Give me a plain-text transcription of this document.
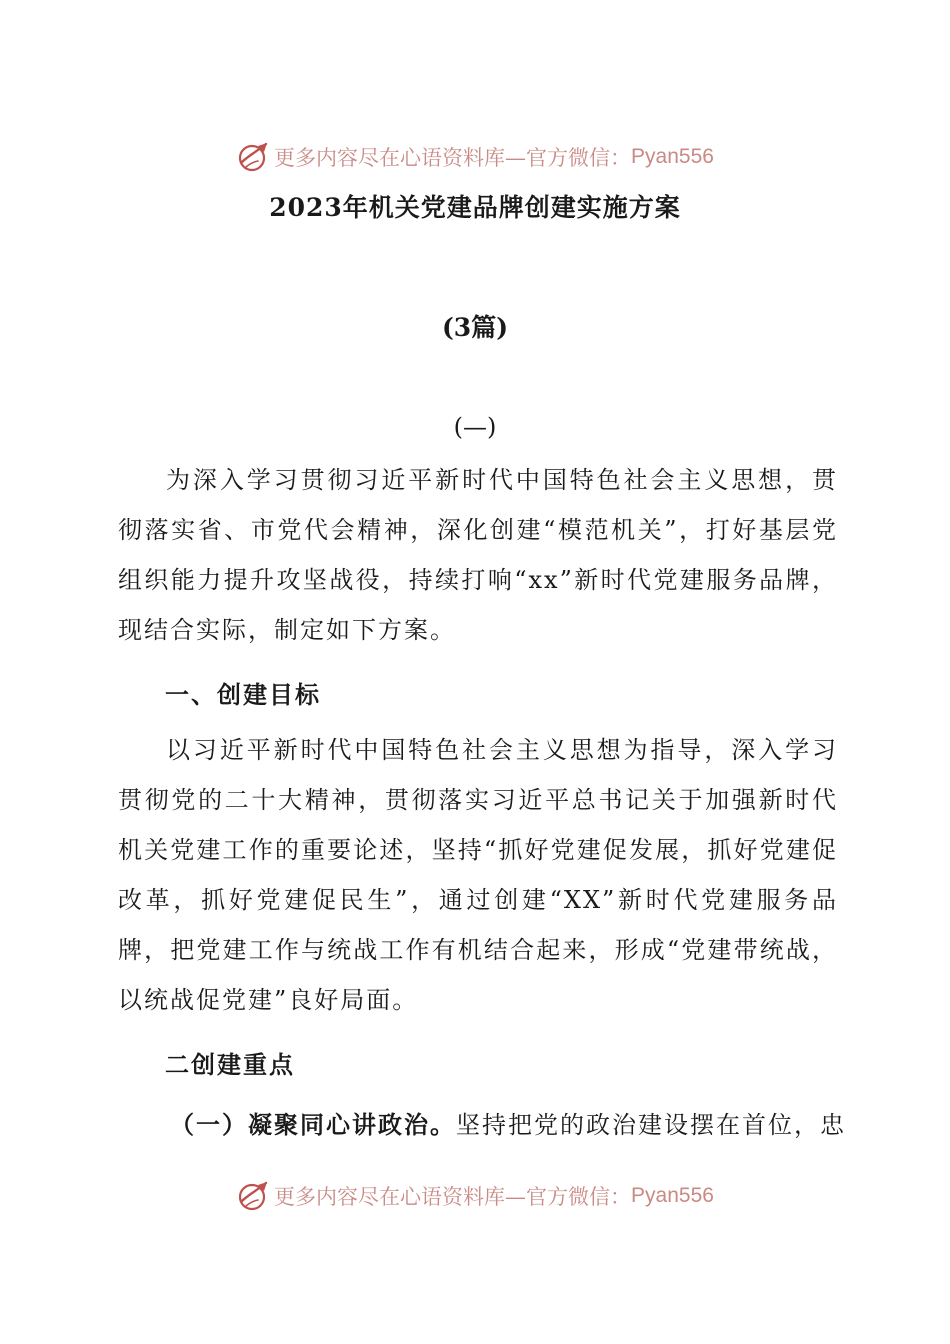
更多内容尽在心语资料库—官方微信： Pyan556
2023年机关党建品牌创建实施方案
(3篇)
(—)

为深入学习贯彻习近平新时代中国特色社会主义思想，贯彻落实省、市党代会精神，深化创建“模范机关”，打好基层党组织能力提升攻坚战役，持续打响“xx”新时代党建服务品牌，现结合实际，制定如下方案。

一、创建目标

以习近平新时代中国特色社会主义思想为指导，深入学习贯彻党的二十大精神，贯彻落实习近平总书记关于加强新时代机关党建工作的重要论述，坚持“抓好党建促发展，抓好党建促改革，抓好党建促民生”，通过创建“XX”新时代党建服务品牌，把党建工作与统战工作有机结合起来，形成“党建带统战，以统战促党建”良好局面。

二创建重点

（一）凝聚同心讲政治。坚持把党的政治建设摆在首位，忠

更多内容尽在心语资料库—官方微信： Pyan556
